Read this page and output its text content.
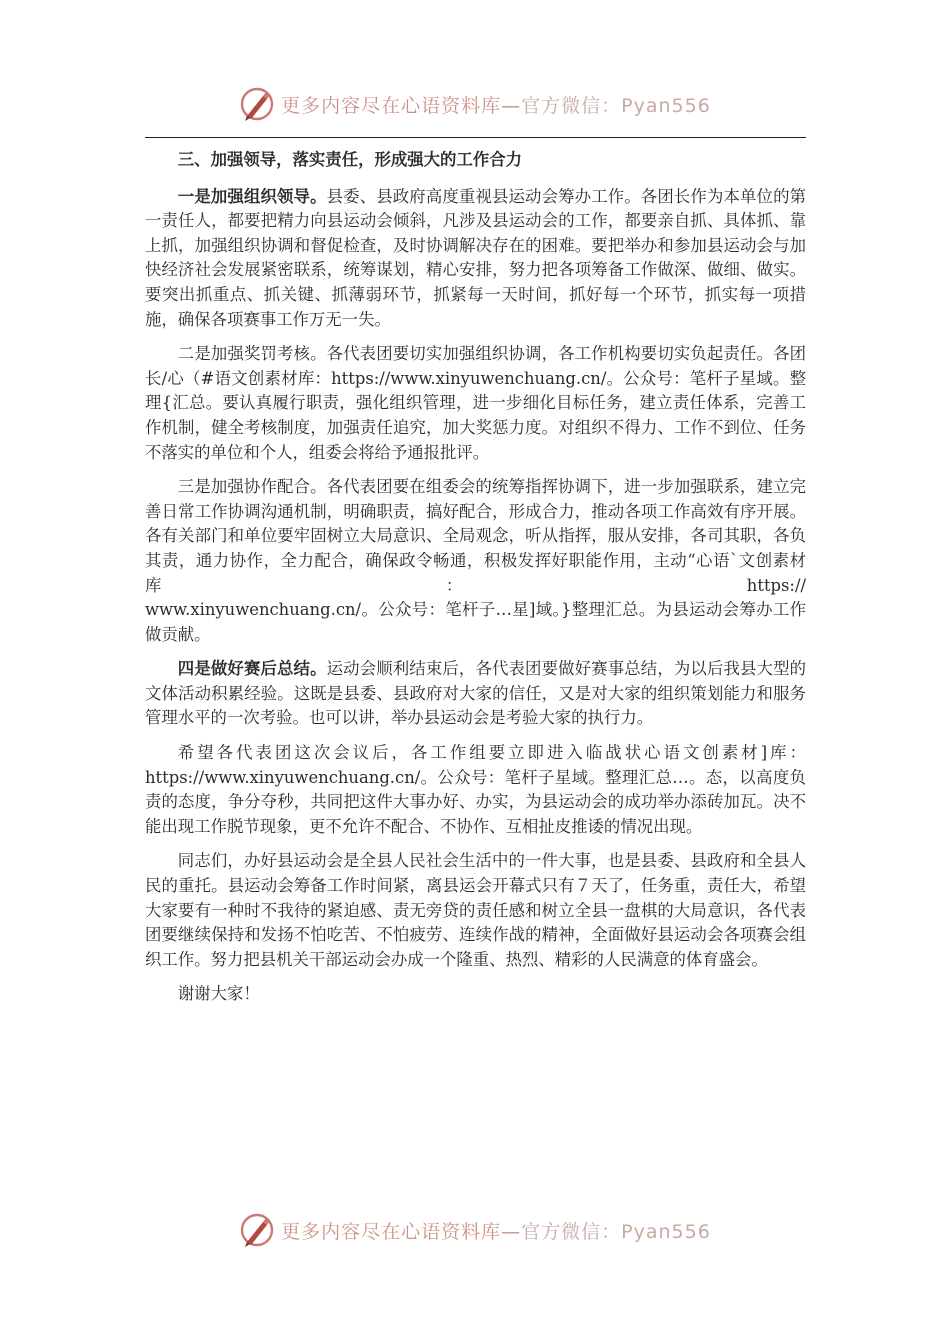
更多内容尽在心语资料库—官方微信：Pyan556

三、加强领导，落实责任，形成强大的工作合力

一是加强组织领导。县委、县政府高度重视县运动会筹办工作。各团长作为本单位的第一责任人，都要把精力向县运动会倾斜，凡涉及县运动会的工作，都要亲自抓、具体抓、靠上抓，加强组织协调和督促检查，及时协调解决存在的困难。要把举办和参加县运动会与加快经济社会发展紧密联系，统筹谋划，精心安排，努力把各项筹备工作做深、做细、做实。要突出抓重点、抓关键、抓薄弱环节，抓紧每一天时间，抓好每一个环节，抓实每一项措施，确保各项赛事工作万无一失。

二是加强奖罚考核。各代表团要切实加强组织协调，各工作机构要切实负起责任。各团长/心（#语文创素材库：https://www.xinyuwenchuang.cn/。公众号：笔杆子星域。整理{汇总。要认真履行职责，强化组织管理，进一步细化目标任务，建立责任体系，完善工作机制，健全考核制度，加强责任追究，加大奖惩力度。对组织不得力、工作不到位、任务不落实的单位和个人，组委会将给予通报批评。

三是加强协作配合。各代表团要在组委会的统筹指挥协调下，进一步加强联系，建立完善日常工作协调沟通机制，明确职责，搞好配合，形成合力，推动各项工作高效有序开展。各有关部门和单位要牢固树立大局意识、全局观念，听从指挥，服从安排，各司其职，各负其责，通力协作，全力配合，确保政令畅通，积极发挥好职能作用，主动“心语`文创素材库：https://

www.xinyuwenchuang.cn/。公众号：笔杆子…星]域。}整理汇总。为县运动会筹办工作做贡献。

四是做好赛后总结。运动会顺利结束后，各代表团要做好赛事总结，为以后我县大型的文体活动积累经验。这既是县委、县政府对大家的信任，又是对大家的组织策划能力和服务管理水平的一次考验。也可以讲，举办县运动会是考验大家的执行力。

希望各代表团这次会议后，各工作组要立即进入临战状心语文创素材]库：https://www.xinyuwenchuang.cn/。公众号：笔杆子星域。整理汇总…。态，以高度负责的态度，争分夺秒，共同把这件大事办好、办实，为县运动会的成功举办添砖加瓦。决不能出现工作脱节现象，更不允许不配合、不协作、互相扯皮推诿的情况出现。

同志们，办好县运动会是全县人民社会生活中的一件大事，也是县委、县政府和全县人民的重托。县运动会筹备工作时间紧，离县运会开幕式只有７天了，任务重，责任大，希望大家要有一种时不我待的紧迫感、责无旁贷的责任感和树立全县一盘棋的大局意识，各代表团要继续保持和发扬不怕吃苦、不怕疲劳、连续作战的精神，全面做好县运动会各项赛会组织工作。努力把县机关干部运动会办成一个隆重、热烈、精彩的人民满意的体育盛会。

谢谢大家！

更多内容尽在心语资料库—官方微信：Pyan556
